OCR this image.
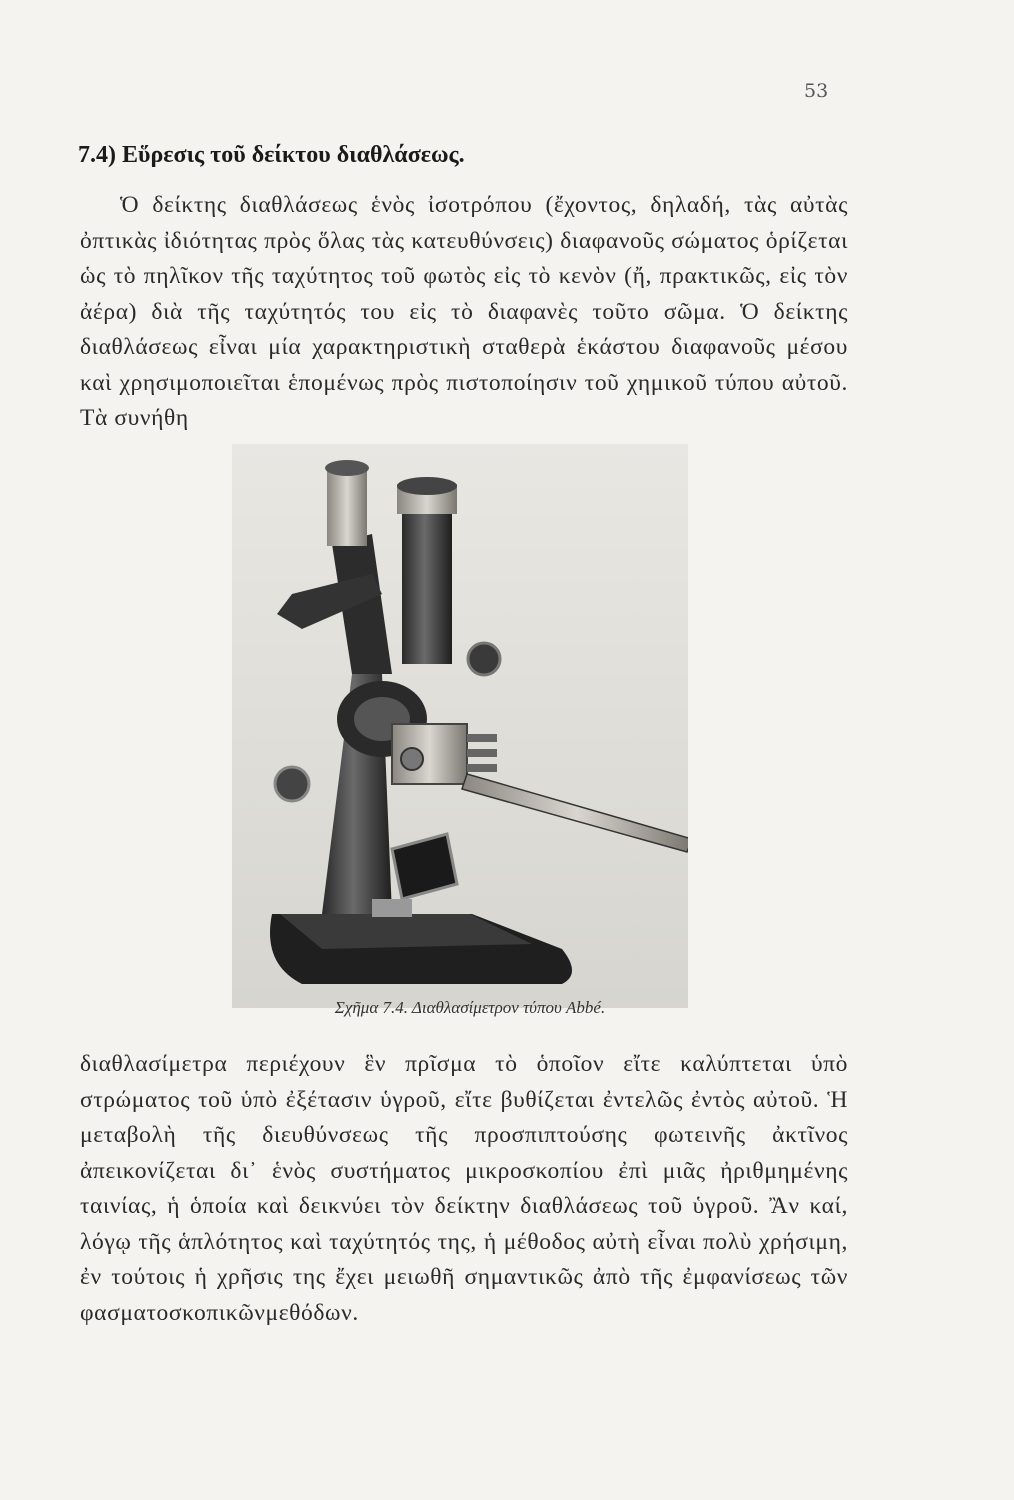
53
7.4) Εὕρεσις τοῦ δείκτου διαθλάσεως.

Ὁ δείκτης διαθλάσεως ἑνὸς ἰσοτρόπου (ἔχοντος, δηλαδή, τὰς αὐτὰς ὀπτικὰς ἰδιότητας πρὸς ὅλας τὰς κατευθύνσεις) διαφανοῦς σώματος ὁρίζεται ὡς τὸ πηλῖκον τῆς ταχύτητος τοῦ φωτὸς εἰς τὸ κενὸν (ἤ, πρακτικῶς, εἰς τὸν ἀέρα) διὰ τῆς ταχύτητός του εἰς τὸ διαφανὲς τοῦτο σῶμα. Ὁ δείκτης διαθλάσεως εἶναι μία χαρακτηριστικὴ σταθερὰ ἑκάστου διαφανοῦς μέσου καὶ χρησιμοποιεῖται ἑπομένως πρὸς πιστοποίησιν τοῦ χημικοῦ τύπου αὐτοῦ. Τὰ συνήθη

Σχῆμα 7.4. Διαθλασίμετρον τύπου Abbé.

διαθλασίμετρα περιέχουν ἓν πρῖσμα τὸ ὁποῖον εἴτε καλύπτεται ὑπὸ στρώματος τοῦ ὑπὸ ἐξέτασιν ὑγροῦ, εἴτε βυθίζεται ἐντελῶς ἐντὸς αὐτοῦ. Ἡ μεταβολὴ τῆς διευθύνσεως τῆς προσπιπτούσης φωτεινῆς ἀκτῖνος ἀπεικονίζεται δι᾽ ἑνὸς συστήματος μικροσκοπίου ἐπὶ μιᾶς ἠριθμημένης ταινίας, ἡ ὁποία καὶ δεικνύει τὸν δείκτην διαθλάσεως τοῦ ὑγροῦ. Ἂν καί, λόγῳ τῆς ἁπλότητος καὶ ταχύτητός της, ἡ μέθοδος αὐτὴ εἶναι πολὺ χρήσιμη, ἐν τούτοις ἡ χρῆσις της ἔχει μειωθῆ σημαντικῶς ἀπὸ τῆς ἐμφανίσεως τῶν φασματοσκοπικῶνμεθόδων.
